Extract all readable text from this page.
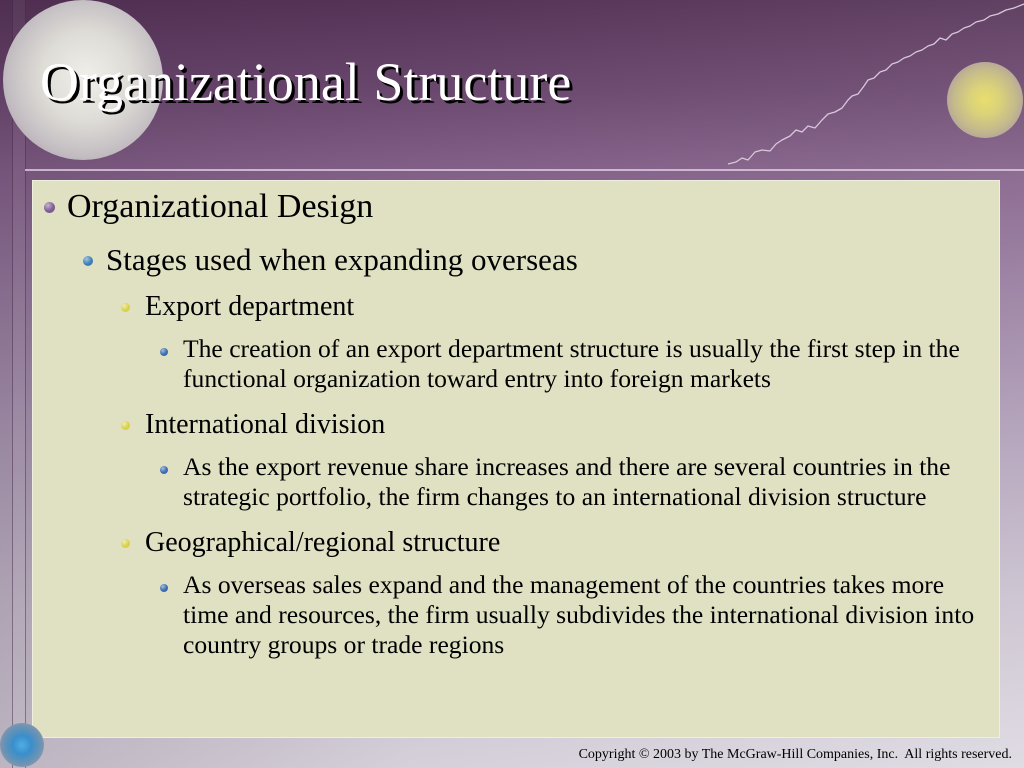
Organizational Structure
Organizational Design
Stages used when expanding overseas
Export department
The creation of an export department structure is usually the first step in the functional organization toward entry into foreign markets
International division
As the export revenue share increases and there are several countries in the strategic portfolio, the firm changes to an international division structure
Geographical/regional structure
As overseas sales expand and the management of the countries takes more time and resources, the firm usually subdivides the international division into country groups or trade regions
Copyright © 2003 by The McGraw-Hill Companies, Inc.  All rights reserved.
